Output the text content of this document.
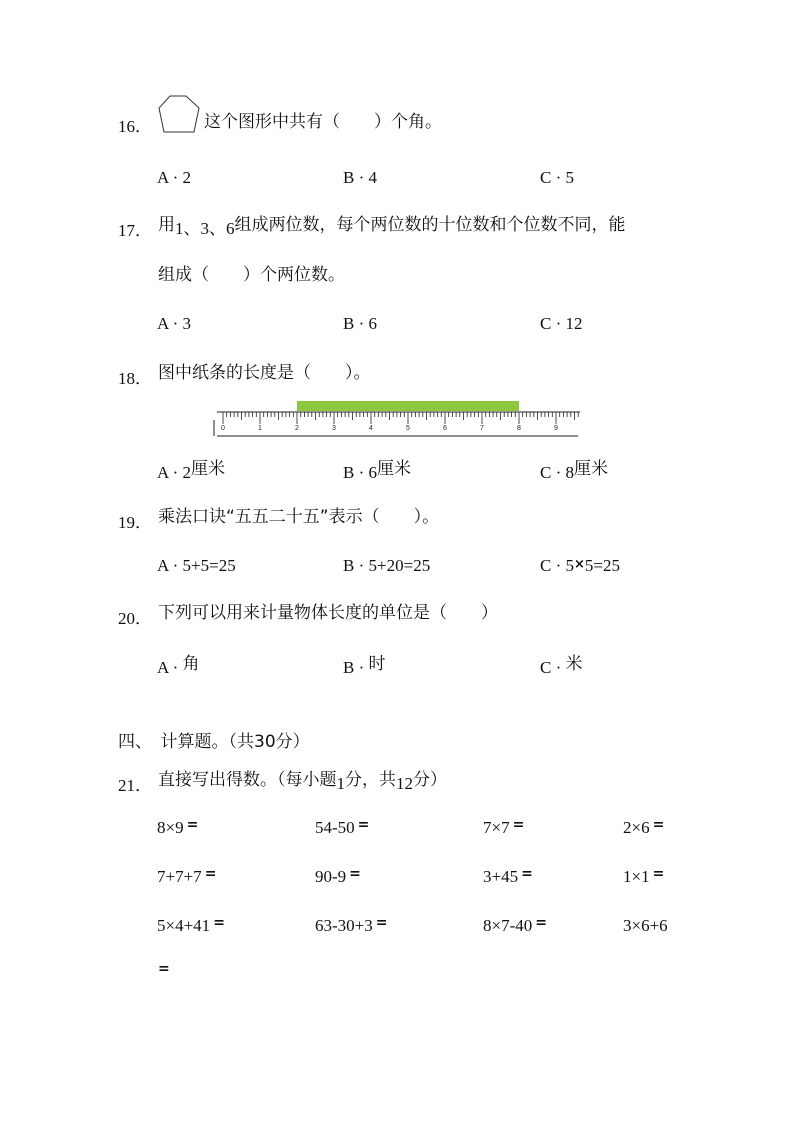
16．	这个图形中共有（　　）个角。
A · 2	B · 4	C · 5
17． 用1、3、6组成两位数，每个两位数的十位数和个位数不同，能
组成（　　）个两位数。
A · 3	B · 6	C · 12
18． 图中纸条的长度是（　　）。
0	1	2	3	4	5	6	7	8	9
A · 2厘米	B · 6厘米	C · 8厘米
19． 乘法口诀“五五二十五”表示（　　）。
A · 5+5=25	B · 5+20=25	C · 5×5=25
20． 下列可以用来计量物体长度的单位是（　　）
A · 角	B · 时	C · 米
四、　计算题。（共30分）
21． 直接写出得数。（每小题1分，共12分）
8×9 =	54-50 =	7×7 =	2×6 =
7+7+7 =	90-9 =	3+45 =	1×1 =
5×4+41 =	63-30+3 =	8×7-40 =	3×6+6
=
